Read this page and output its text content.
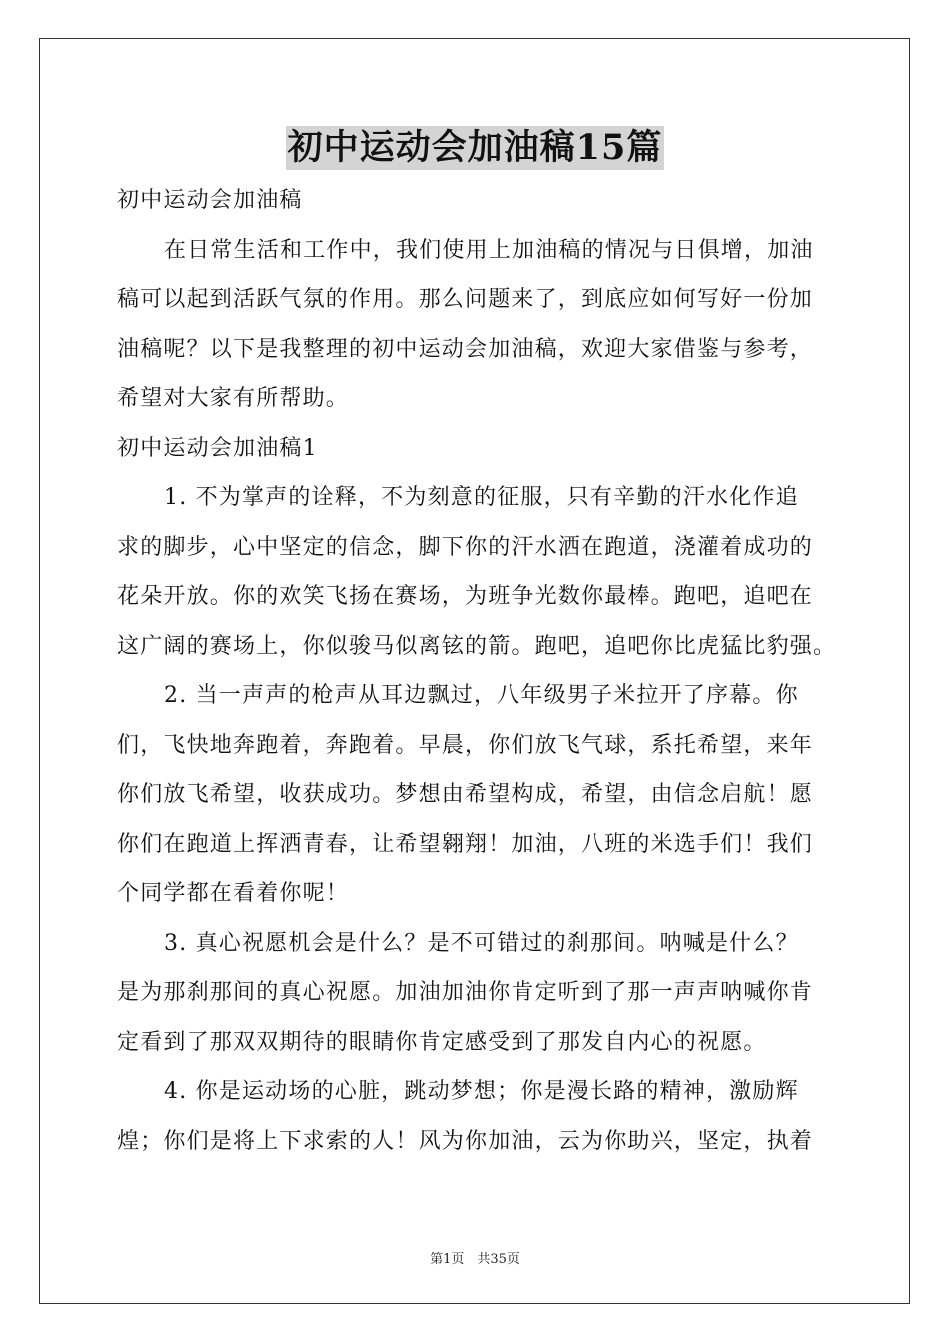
初中运动会加油稿15篇
初中运动会加油稿
在日常生活和工作中，我们使用上加油稿的情况与日俱增，加油
稿可以起到活跃气氛的作用。那么问题来了，到底应如何写好一份加
油稿呢？以下是我整理的初中运动会加油稿，欢迎大家借鉴与参考，
希望对大家有所帮助。
初中运动会加油稿1
1. 不为掌声的诠释，不为刻意的征服，只有辛勤的汗水化作追
求的脚步，心中坚定的信念，脚下你的汗水洒在跑道，浇灌着成功的
花朵开放。你的欢笑飞扬在赛场，为班争光数你最棒。跑吧，追吧在
这广阔的赛场上，你似骏马似离铉的箭。跑吧，追吧你比虎猛比豹强。
2. 当一声声的枪声从耳边飘过，八年级男子米拉开了序幕。你
们，飞快地奔跑着，奔跑着。早晨，你们放飞气球，系托希望，来年
你们放飞希望，收获成功。梦想由希望构成，希望，由信念启航！愿
你们在跑道上挥洒青春，让希望翱翔！加油，八班的米选手们！我们
个同学都在看着你呢！
3. 真心祝愿机会是什么？是不可错过的刹那间。呐喊是什么？
是为那刹那间的真心祝愿。加油加油你肯定听到了那一声声呐喊你肯
定看到了那双双期待的眼睛你肯定感受到了那发自内心的祝愿。
4. 你是运动场的心脏，跳动梦想；你是漫长路的精神，激励辉
煌；你们是将上下求索的人！风为你加油，云为你助兴，坚定，执着
第1页　共35页
